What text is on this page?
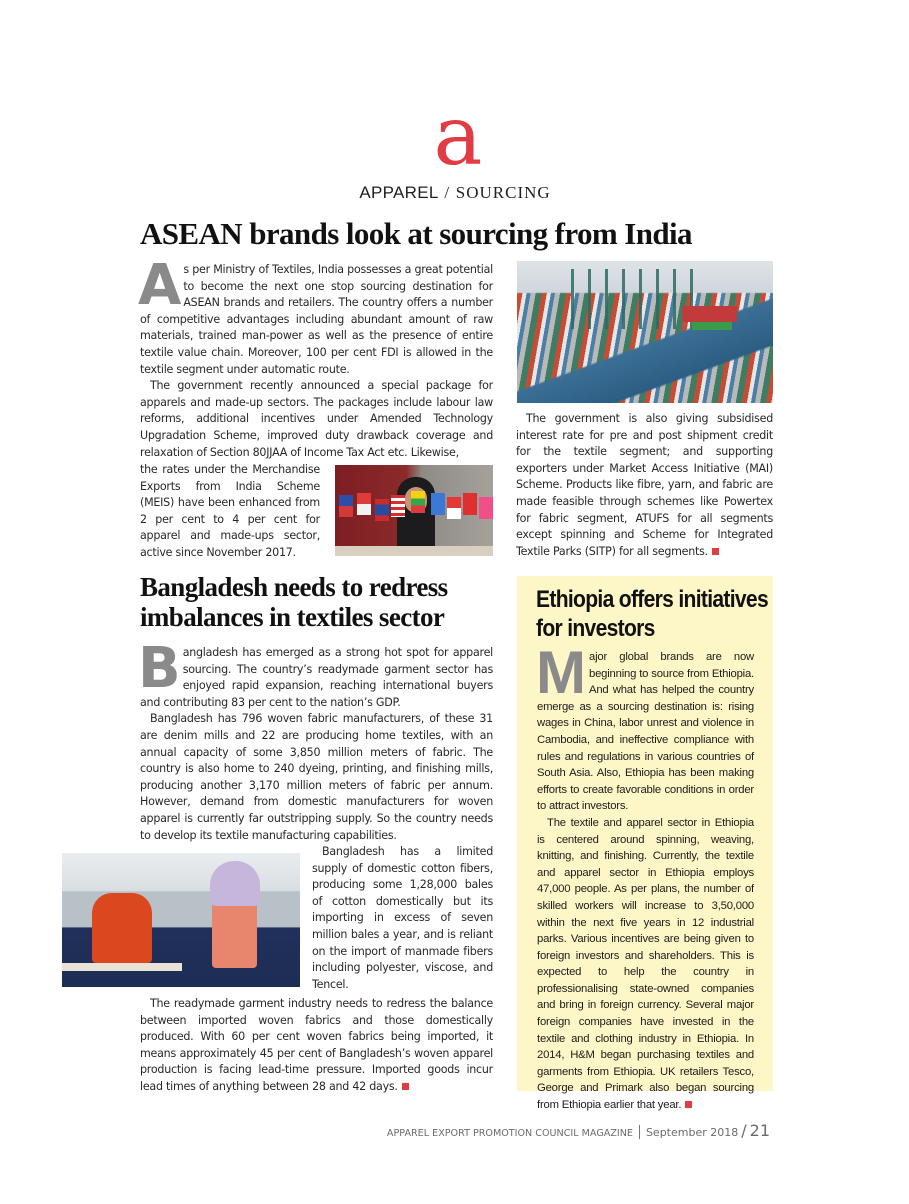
a
APPAREL / SOURCING
ASEAN brands look at sourcing from India

A s per Ministry of Textiles, India possesses a great potential to become the next one stop sourcing destination for ASEAN brands and retailers. The country offers a number of competitive advantages including abundant amount of raw materials, trained man-power as well as the presence of entire textile value chain. Moreover, 100 per cent FDI is allowed in the textile segment under automatic route.

The government recently announced a special package for apparels and made-up sectors. The packages include labour law reforms, additional incentives under Amended Technology Upgradation Scheme, improved duty drawback coverage and relaxation of Section 80JJAA of Income Tax Act etc. Likewise,

the rates under the Merchandise Exports from India Scheme (MEIS) have been enhanced from 2 per cent to 4 per cent for apparel and made-ups sector, active since November 2017.

The government is also giving subsidised interest rate for pre and post shipment credit for the textile segment; and supporting exporters under Market Access Initiative (MAI) Scheme. Products like fibre, yarn, and fabric are made feasible through schemes like Powertex for fabric segment, ATUFS for all segments except spinning and Scheme for Integrated Textile Parks (SITP) for all segments.

Bangladesh needs to redress imbalances in textiles sector

B angladesh has emerged as a strong hot spot for apparel sourcing. The country’s readymade garment sector has enjoyed rapid expansion, reaching international buyers and contributing 83 per cent to the nation’s GDP.

Bangladesh has 796 woven fabric manufacturers, of these 31 are denim mills and 22 are producing home textiles, with an annual capacity of some 3,850 million meters of fabric. The country is also home to 240 dyeing, printing, and finishing mills, producing another 3,170 million meters of fabric per annum. However, demand from domestic manufacturers for woven apparel is currently far outstripping supply. So the country needs to develop its textile manufacturing capabilities.

Bangladesh has a limited supply of domestic cotton fibers, producing some 1,28,000 bales of cotton domestically but its importing in excess of seven million bales a year, and is reliant on the import of manmade fibers including polyester, viscose, and Tencel.

The readymade garment industry needs to redress the balance between imported woven fabrics and those domestically produced. With 60 per cent woven fabrics being imported, it means approximately 45 per cent of Bangladesh’s woven apparel production is facing lead-time pressure. Imported goods incur lead times of anything between 28 and 42 days.

Ethiopia offers initiatives for investors

M ajor global brands are now beginning to source from Ethiopia. And what has helped the country emerge as a sourcing destination is: rising wages in China, labor unrest and violence in Cambodia, and ineffective compliance with rules and regulations in various countries of South Asia. Also, Ethiopia has been making efforts to create favorable conditions in order to attract investors.

The textile and apparel sector in Ethiopia is centered around spinning, weaving, knitting, and finishing. Currently, the textile and apparel sector in Ethiopia employs 47,000 people. As per plans, the number of skilled workers will increase to 3,50,000 within the next five years in 12 industrial parks. Various incentives are being given to foreign investors and shareholders. This is expected to help the country in professionalising state-owned companies and bring in foreign currency. Several major foreign companies have invested in the textile and clothing industry in Ethiopia. In 2014, H&M began purchasing textiles and garments from Ethiopia. UK retailers Tesco, George and Primark also began sourcing from Ethiopia earlier that year.

APPAREL EXPORT PROMOTION COUNCIL MAGAZINE September 2018 / 21
